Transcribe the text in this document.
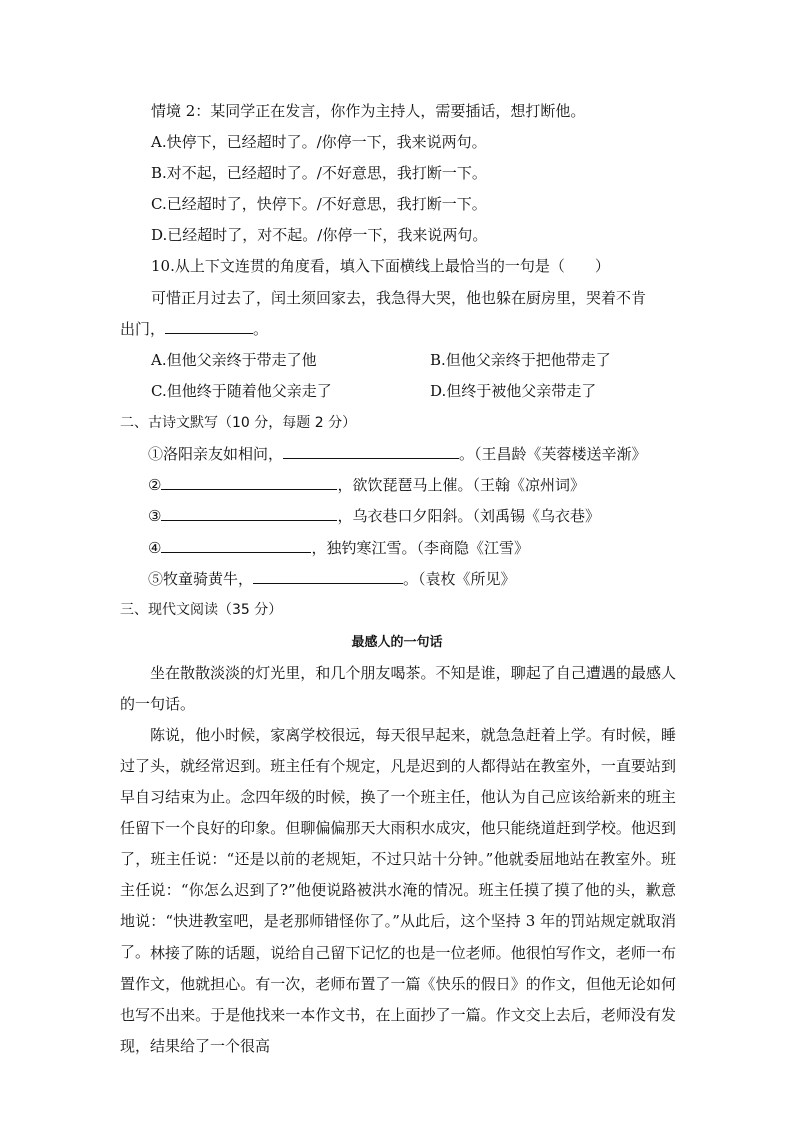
情境 2：某同学正在发言，你作为主持人，需要插话，想打断他。
A.快停下，已经超时了。/你停一下，我来说两句。
B.对不起，已经超时了。/不好意思，我打断一下。
C.已经超时了，快停下。/不好意思，我打断一下。
D.已经超时了，对不起。/你停一下，我来说两句。
10.从上下文连贯的角度看，填入下面横线上最恰当的一句是（　　）
可惜正月过去了，闰土须回家去，我急得大哭，他也躲在厨房里，哭着不肯
出门，	。
A.但他父亲终于带走了他	B.但他父亲终于把他带走了
C.但他终于随着他父亲走了	D.但终于被他父亲带走了
二、古诗文默写（10 分，每题 2 分）
①洛阳亲友如相问，	。（王昌龄《芙蓉楼送辛渐》
②	，欲饮琵琶马上催。（王翰《凉州词》
③	，乌衣巷口夕阳斜。（刘禹锡《乌衣巷》
④	，独钓寒江雪。（李商隐《江雪》
⑤牧童骑黄牛，	。（袁枚《所见》
三、现代文阅读（35 分）
最感人的一句话
坐在散散淡淡的灯光里，和几个朋友喝茶。不知是谁，聊起了自己遭遇的最感人的一句话。
陈说，他小时候，家离学校很远，每天很早起来，就急急赶着上学。有时候，睡过了头，就经常迟到。班主任有个规定，凡是迟到的人都得站在教室外，一直要站到早自习结束为止。念四年级的时候，换了一个班主任，他认为自己应该给新来的班主任留下一个良好的印象。但聊偏偏那天大雨积水成灾，他只能绕道赶到学校。他迟到了，班主任说：“还是以前的老规矩，不过只站十分钟。”他就委屈地站在教室外。班主任说：“你怎么迟到了?”他便说路被洪水淹的情况。班主任摸了摸了他的头，歉意地说：“快进教室吧，是老那师错怪你了。”从此后，这个坚持 3 年的罚站规定就取消了。 林接了陈的话题，说给自己留下记忆的也是一位老师。他很怕写作文，老师一布置作文，他就担心。有一次，老师布置了一篇《快乐的假日》的作文，但他无论如何也写不出来。于是他找来一本作文书，在上面抄了一篇。作文交上去后，老师没有发现，结果给了一个很高
